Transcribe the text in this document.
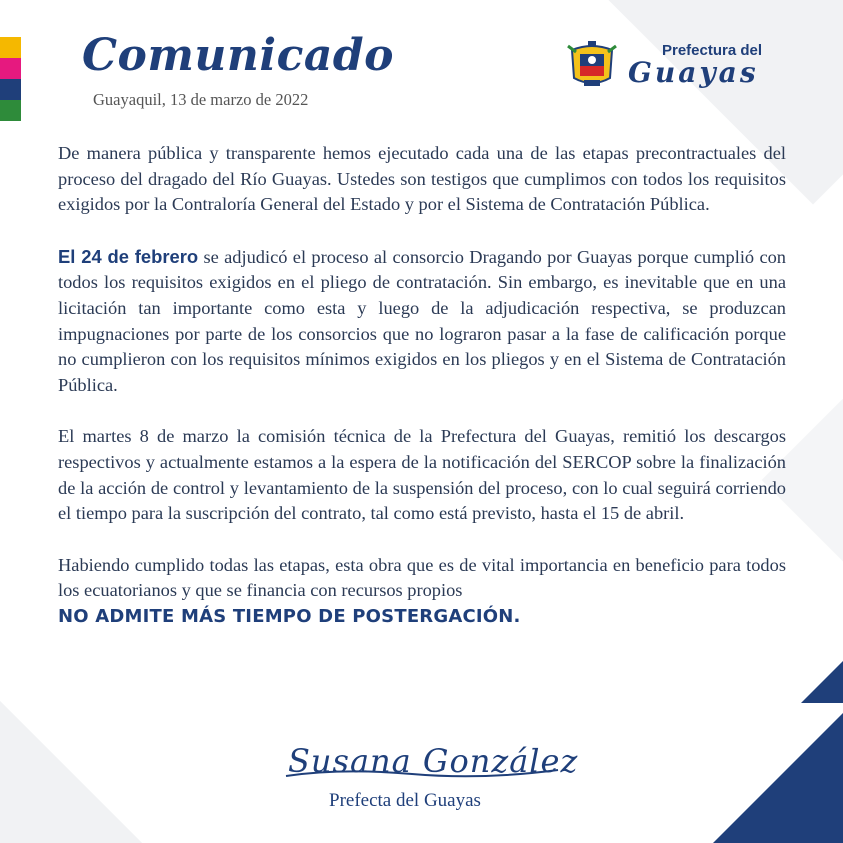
Comunicado

Guayaquil, 13 de marzo de 2022

Prefectura del
Guayas

De manera pública y transparente hemos ejecutado cada una de las etapas precontractuales del proceso del dragado del Río Guayas. Ustedes son testigos que cumplimos con todos los requisitos exigidos por la Contraloría General del Estado y por el Sistema de Contratación Pública.

El 24 de febrero se adjudicó el proceso al consorcio Dragando por Guayas porque cumplió con todos los requisitos exigidos en el pliego de contratación. Sin embargo, es inevitable que en una licitación tan importante como esta y luego de la adjudicación respectiva, se produzcan impugnaciones por parte de los consorcios que no lograron pasar a la fase de calificación porque no cumplieron con los requisitos mínimos exigidos en los pliegos y en el Sistema de Contratación Pública.

El martes 8 de marzo la comisión técnica de la Prefectura del Guayas, remitió los descargos respectivos y actualmente estamos a la espera de la notificación del SERCOP sobre la finalización de la acción de control y levantamiento de la suspensión del proceso, con lo cual seguirá corriendo el tiempo para la suscripción del contrato, tal como está previsto, hasta el 15 de abril.

Habiendo cumplido todas las etapas, esta obra que es de vital importancia en beneficio para todos los ecuatorianos y que se financia con recursos propios
NO ADMITE MÁS TIEMPO DE POSTERGACIÓN.

Susana González

Prefecta del Guayas
